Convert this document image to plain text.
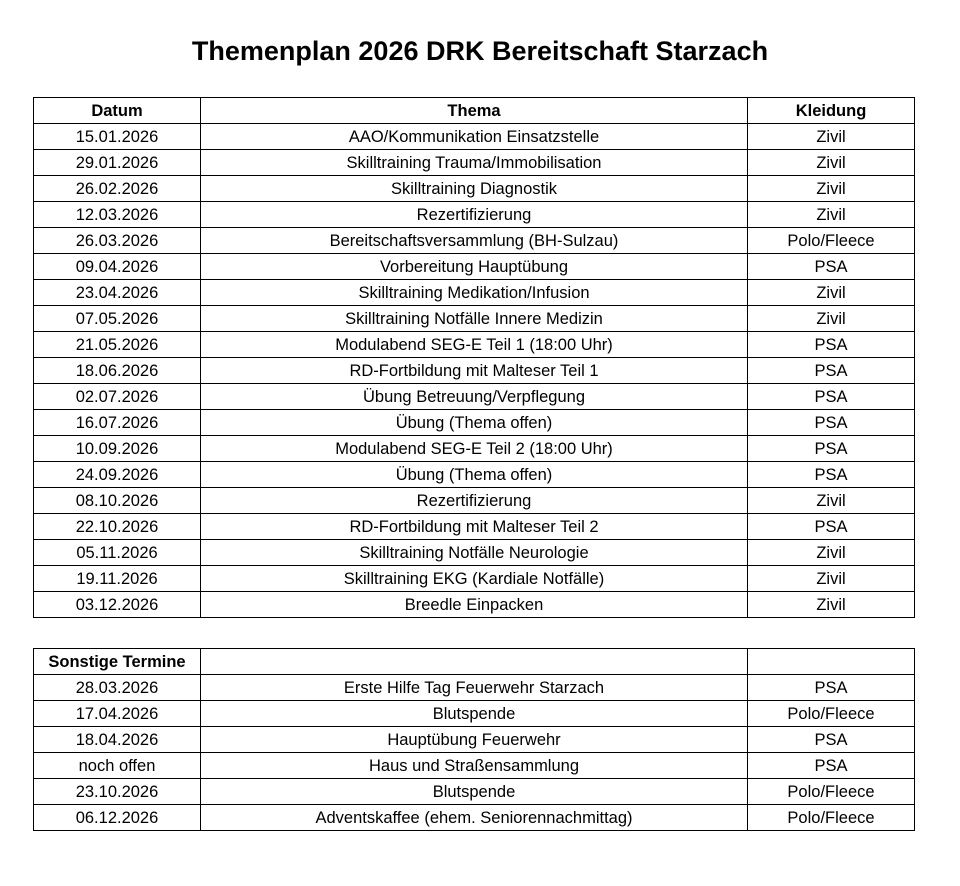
Themenplan 2026 DRK Bereitschaft Starzach
Datum	Thema	Kleidung
15.01.2026	AAO/Kommunikation Einsatzstelle	Zivil
29.01.2026	Skilltraining Trauma/Immobilisation	Zivil
26.02.2026	Skilltraining Diagnostik	Zivil
12.03.2026	Rezertifizierung	Zivil
26.03.2026	Bereitschaftsversammlung (BH-Sulzau)	Polo/Fleece
09.04.2026	Vorbereitung Hauptübung	PSA
23.04.2026	Skilltraining Medikation/Infusion	Zivil
07.05.2026	Skilltraining Notfälle Innere Medizin	Zivil
21.05.2026	Modulabend SEG-E Teil 1 (18:00 Uhr)	PSA
18.06.2026	RD-Fortbildung mit Malteser Teil 1	PSA
02.07.2026	Übung Betreuung/Verpflegung	PSA
16.07.2026	Übung (Thema offen)	PSA
10.09.2026	Modulabend SEG-E Teil 2 (18:00 Uhr)	PSA
24.09.2026	Übung (Thema offen)	PSA
08.10.2026	Rezertifizierung	Zivil
22.10.2026	RD-Fortbildung mit Malteser Teil 2	PSA
05.11.2026	Skilltraining Notfälle Neurologie	Zivil
19.11.2026	Skilltraining EKG (Kardiale Notfälle)	Zivil
03.12.2026	Breedle Einpacken	Zivil
Sonstige Termine		
28.03.2026	Erste Hilfe Tag Feuerwehr Starzach	PSA
17.04.2026	Blutspende	Polo/Fleece
18.04.2026	Hauptübung Feuerwehr	PSA
noch offen	Haus und Straßensammlung	PSA
23.10.2026	Blutspende	Polo/Fleece
06.12.2026	Adventskaffee (ehem. Seniorennachmittag)	Polo/Fleece
